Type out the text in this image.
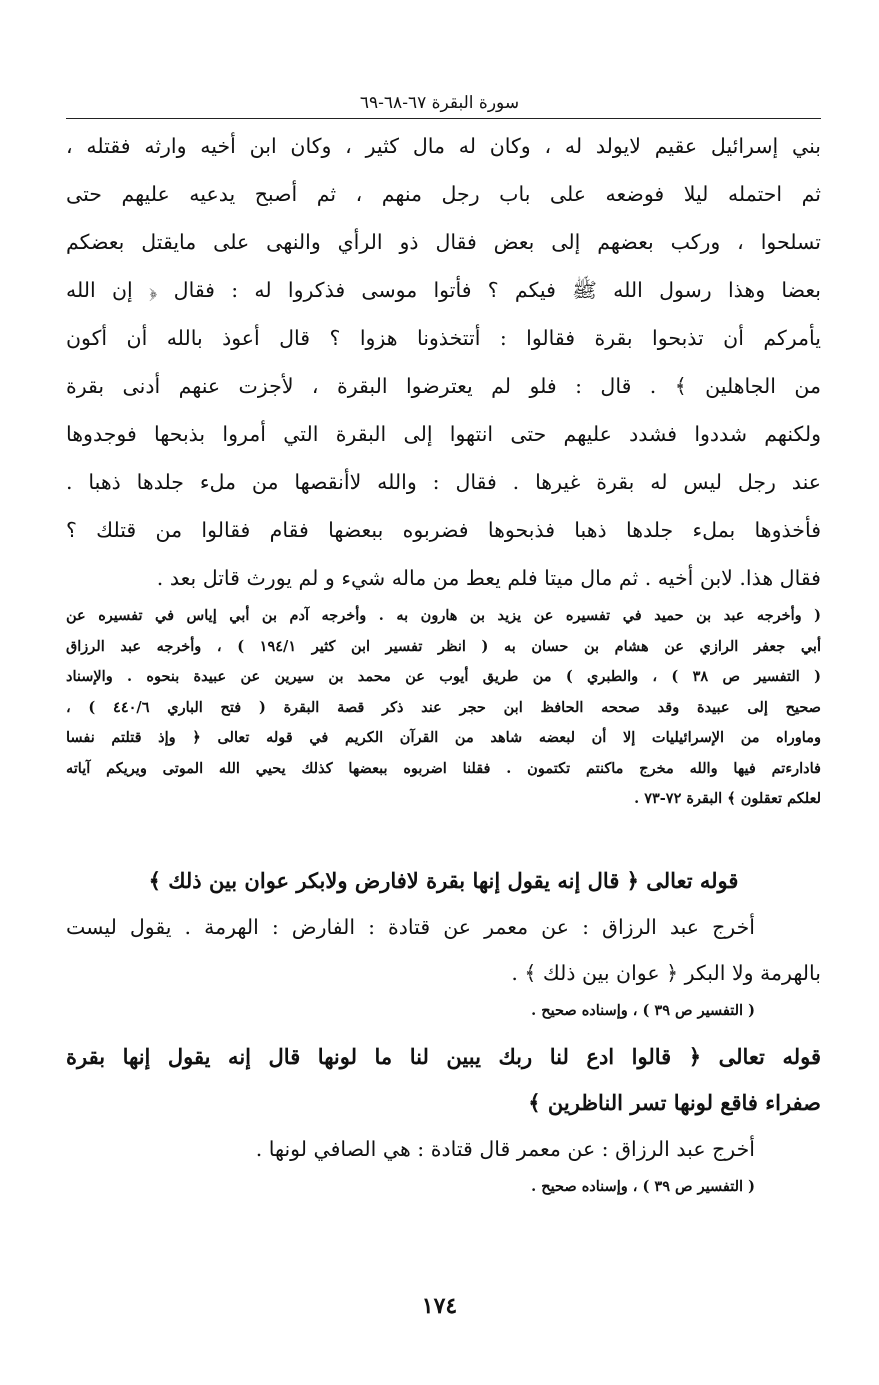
سورة البقرة ٦٧-٦٨-٦٩
بني إسرائيل عقيم لايولد له ، وكان له مال كثير ، وكان ابن أخيه وارثه فقتله ،
ثم احتمله ليلا فوضعه على باب رجل منهم ، ثم أصبح يدعيه عليهم حتى
تسلحوا ، وركب بعضهم إلى بعض فقال ذو الرأي والنهى على مايقتل بعضكم
بعضا وهذا رسول الله ﷺ فيكم ؟ فأتوا موسى فذكروا له : فقال ﴿ إن الله
يأمركم أن تذبحوا بقرة فقالوا : أتتخذونا هزوا ؟ قال أعوذ بالله أن أكون
من الجاهلين ﴾ . قال : فلو لم يعترضوا البقرة ، لأجزت عنهم أدنى بقرة
ولكنهم شددوا فشدد عليهم حتى انتهوا إلى البقرة التي أمروا بذبحها فوجدوها
عند رجل ليس له بقرة غيرها . فقال : والله لاأنقصها من ملء جلدها ذهبا .
فأخذوها بملء جلدها ذهبا فذبحوها فضربوه ببعضها فقام فقالوا من قتلك ؟
فقال هذا. لابن أخيه . ثم مال ميتا فلم يعط من ماله شيء و لم يورث قاتل بعد .
( وأخرجه عبد بن حميد في تفسيره عن يزيد بن هارون به . وأخرجه آدم بن أبي إياس في تفسيره عن
أبي جعفر الرازي عن هشام بن حسان به ( انظر تفسير ابن كثير ١٩٤/١ ) ، وأخرجه عبد الرزاق
( التفسير ص ٣٨ ) ، والطبري ) من طريق أيوب عن محمد بن سيرين عن عبيدة بنحوه . والإسناد
صحيح إلى عبيدة وقد صححه الحافظ ابن حجر عند ذكر قصة البقرة ( فتح الباري ٤٤٠/٦ ) ،
وماوراه من الإسرائيليات إلا أن لبعضه شاهد من القرآن الكريم في قوله تعالى ﴿ وإذ قتلتم نفسا
فادارءتم فيها والله مخرج ماكنتم تكتمون . فقلنا اضربوه ببعضها كذلك يحيي الله الموتى ويريكم آياته
لعلكم تعقلون ﴾ البقرة ٧٢-٧٣ .
قوله تعالى ﴿ قال إنه يقول إنها بقرة لافارض ولابكر عوان بين ذلك ﴾
أخرج عبد الرزاق : عن معمر عن قتادة : الفارض : الهرمة . يقول ليست
بالهرمة ولا البكر ﴿ عوان بين ذلك ﴾ .
( التفسير ص ٣٩ ) ، وإسناده صحيح .
قوله تعالى ﴿ قالوا ادع لنا ربك يبين لنا ما لونها قال إنه يقول إنها بقرة
صفراء فاقع لونها تسر الناظرين ﴾
أخرج عبد الرزاق : عن معمر قال قتادة : هي الصافي لونها .
( التفسير ص ٣٩ ) ، وإسناده صحيح .
١٧٤
